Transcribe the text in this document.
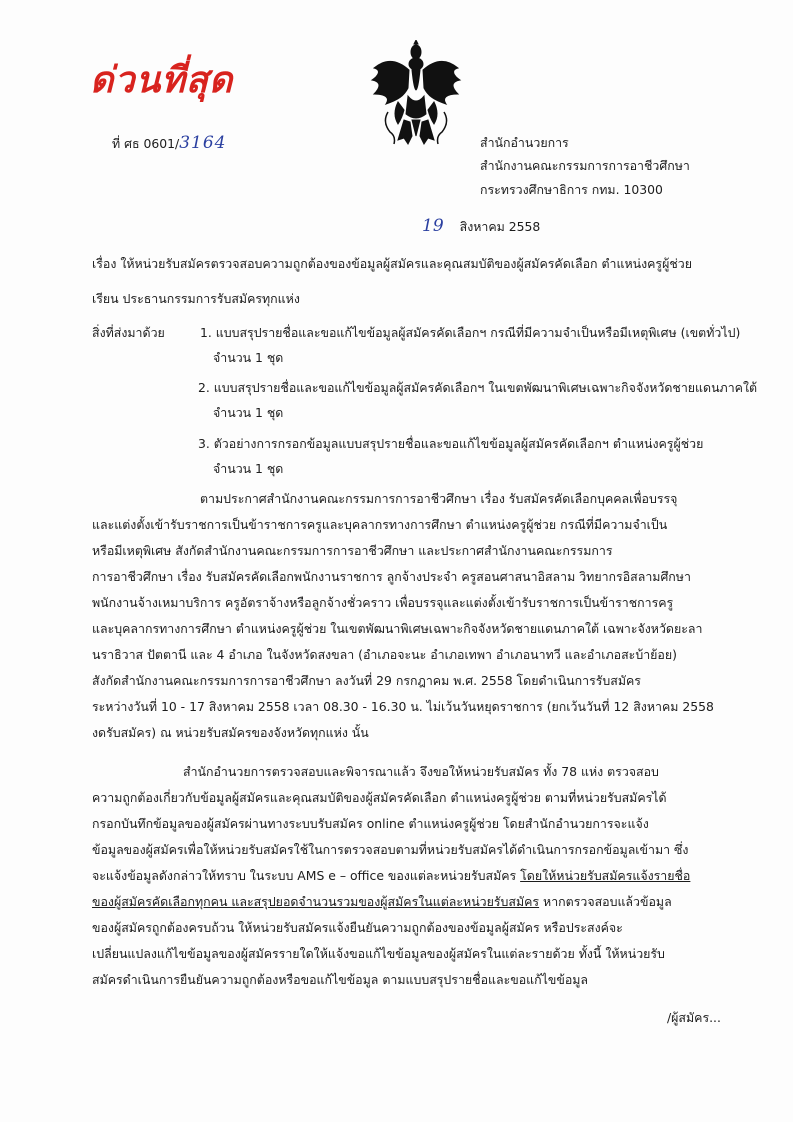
ด่วนที่สุด
ที่ ศธ 0601/3164	สำนักอำนวยการ
สำนักงานคณะกรรมการการอาชีวศึกษา
กระทรวงศึกษาธิการ กทม. 10300
19 สิงหาคม 2558
เรื่อง ให้หน่วยรับสมัครตรวจสอบความถูกต้องของข้อมูลผู้สมัครและคุณสมบัติของผู้สมัครคัดเลือก ตำแหน่งครูผู้ช่วย
เรียน ประธานกรรมการรับสมัครทุกแห่ง
สิ่งที่ส่งมาด้วย	1. แบบสรุปรายชื่อและขอแก้ไขข้อมูลผู้สมัครคัดเลือกฯ กรณีที่มีความจำเป็นหรือมีเหตุพิเศษ (เขตทั่วไป)
จำนวน 1 ชุด
2. แบบสรุปรายชื่อและขอแก้ไขข้อมูลผู้สมัครคัดเลือกฯ ในเขตพัฒนาพิเศษเฉพาะกิจจังหวัดชายแดนภาคใต้
จำนวน 1 ชุด
3. ตัวอย่างการกรอกข้อมูลแบบสรุปรายชื่อและขอแก้ไขข้อมูลผู้สมัครคัดเลือกฯ ตำแหน่งครูผู้ช่วย
จำนวน 1 ชุด
ตามประกาศสำนักงานคณะกรรมการการอาชีวศึกษา เรื่อง รับสมัครคัดเลือกบุคคลเพื่อบรรจุ
และแต่งตั้งเข้ารับราชการเป็นข้าราชการครูและบุคลากรทางการศึกษา ตำแหน่งครูผู้ช่วย กรณีที่มีความจำเป็น
หรือมีเหตุพิเศษ สังกัดสำนักงานคณะกรรมการการอาชีวศึกษา และประกาศสำนักงานคณะกรรมการ
การอาชีวศึกษา เรื่อง รับสมัครคัดเลือกพนักงานราชการ ลูกจ้างประจำ ครูสอนศาสนาอิสลาม วิทยากรอิสลามศึกษา
พนักงานจ้างเหมาบริการ ครูอัตราจ้างหรือลูกจ้างชั่วคราว เพื่อบรรจุและแต่งตั้งเข้ารับราชการเป็นข้าราชการครู
และบุคลากรทางการศึกษา ตำแหน่งครูผู้ช่วย ในเขตพัฒนาพิเศษเฉพาะกิจจังหวัดชายแดนภาคใต้ เฉพาะจังหวัดยะลา
นราธิวาส ปัตตานี และ 4 อำเภอ ในจังหวัดสงขลา (อำเภอจะนะ อำเภอเทพา อำเภอนาทวี และอำเภอสะบ้าย้อย)
สังกัดสำนักงานคณะกรรมการการอาชีวศึกษา ลงวันที่ 29 กรกฎาคม พ.ศ. 2558 โดยดำเนินการรับสมัคร
ระหว่างวันที่ 10 - 17 สิงหาคม 2558 เวลา 08.30 - 16.30 น. ไม่เว้นวันหยุดราชการ (ยกเว้นวันที่ 12 สิงหาคม 2558
งดรับสมัคร) ณ หน่วยรับสมัครของจังหวัดทุกแห่ง นั้น
สำนักอำนวยการตรวจสอบและพิจารณาแล้ว จึงขอให้หน่วยรับสมัคร ทั้ง 78 แห่ง ตรวจสอบ
ความถูกต้องเกี่ยวกับข้อมูลผู้สมัครและคุณสมบัติของผู้สมัครคัดเลือก ตำแหน่งครูผู้ช่วย ตามที่หน่วยรับสมัครได้
กรอกบันทึกข้อมูลของผู้สมัครผ่านทางระบบรับสมัคร online ตำแหน่งครูผู้ช่วย โดยสำนักอำนวยการจะแจ้ง
ข้อมูลของผู้สมัครเพื่อให้หน่วยรับสมัครใช้ในการตรวจสอบตามที่หน่วยรับสมัครได้ดำเนินการกรอกข้อมูลเข้ามา ซึ่ง
จะแจ้งข้อมูลดังกล่าวให้ทราบ ในระบบ AMS e – office ของแต่ละหน่วยรับสมัคร โดยให้หน่วยรับสมัครแจ้งรายชื่อ
ของผู้สมัครคัดเลือกทุกคน และสรุปยอดจำนวนรวมของผู้สมัครในแต่ละหน่วยรับสมัคร หากตรวจสอบแล้วข้อมูล
ของผู้สมัครถูกต้องครบถ้วน ให้หน่วยรับสมัครแจ้งยืนยันความถูกต้องของข้อมูลผู้สมัคร หรือประสงค์จะ
เปลี่ยนแปลงแก้ไขข้อมูลของผู้สมัครรายใดให้แจ้งขอแก้ไขข้อมูลของผู้สมัครในแต่ละรายด้วย ทั้งนี้ ให้หน่วยรับ
สมัครดำเนินการยืนยันความถูกต้องหรือขอแก้ไขข้อมูล ตามแบบสรุปรายชื่อและขอแก้ไขข้อมูล
/ผู้สมัคร...
